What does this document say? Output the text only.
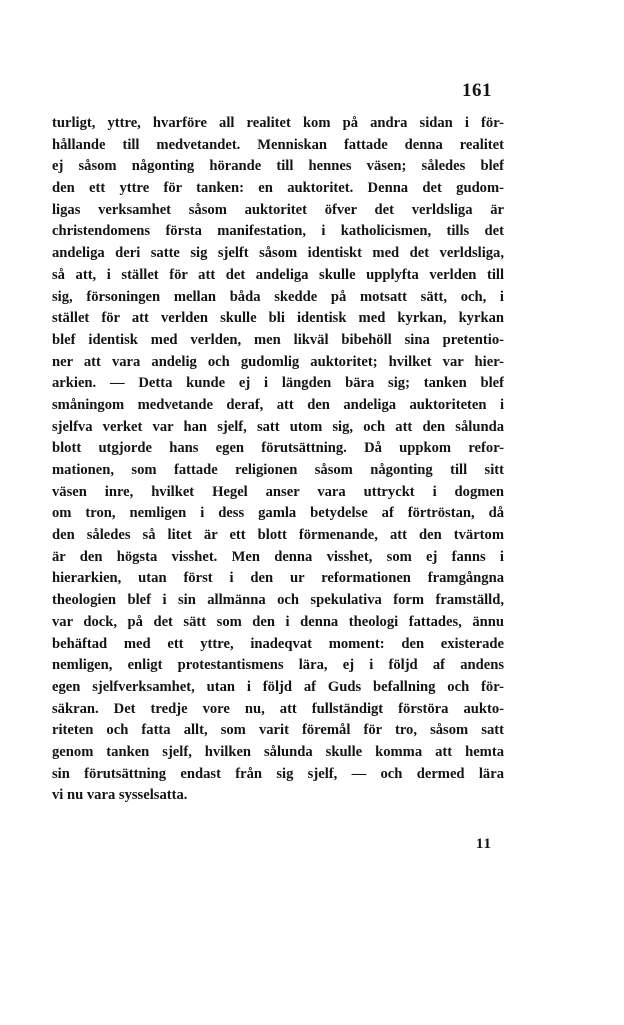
161
turligt, yttre, hvarföre all realitet kom på andra sidan i för-
hållande till medvetandet. Menniskan fattade denna realitet
ej såsom någonting hörande till hennes väsen; således blef
den ett yttre för tanken: en auktoritet. Denna det gudom-
ligas verksamhet såsom auktoritet öfver det verldsliga är
christendomens första manifestation, i katholicismen, tills det
andeliga deri satte sig sjelft såsom identiskt med det verldsliga,
så att, i stället för att det andeliga skulle upplyfta verlden till
sig, försoningen mellan båda skedde på motsatt sätt, och, i
stället för att verlden skulle bli identisk med kyrkan, kyrkan
blef identisk med verlden, men likväl bibehöll sina pretentio-
ner att vara andelig och gudomlig auktoritet; hvilket var hier-
arkien. — Detta kunde ej i längden bära sig; tanken blef
småningom medvetande deraf, att den andeliga auktoriteten i
sjelfva verket var han sjelf, satt utom sig, och att den sålunda
blott utgjorde hans egen förutsättning. Då uppkom refor-
mationen, som fattade religionen såsom någonting till sitt
väsen inre, hvilket Hegel anser vara uttryckt i dogmen
om tron, nemligen i dess gamla betydelse af förtröstan, då
den således så litet är ett blott förmenande, att den tvärtom
är den högsta visshet. Men denna visshet, som ej fanns i
hierarkien, utan först i den ur reformationen framgångna
theologien blef i sin allmänna och spekulativa form framställd,
var dock, på det sätt som den i denna theologi fattades, ännu
behäftad med ett yttre, inadeqvat moment: den existerade
nemligen, enligt protestantismens lära, ej i följd af andens
egen sjelfverksamhet, utan i följd af Guds befallning och för-
säkran. Det tredje vore nu, att fullständigt förstöra aukto-
riteten och fatta allt, som varit föremål för tro, såsom satt
genom tanken sjelf, hvilken sålunda skulle komma att hemta
sin förutsättning endast från sig sjelf, — och dermed lära
vi nu vara sysselsatta.
11
